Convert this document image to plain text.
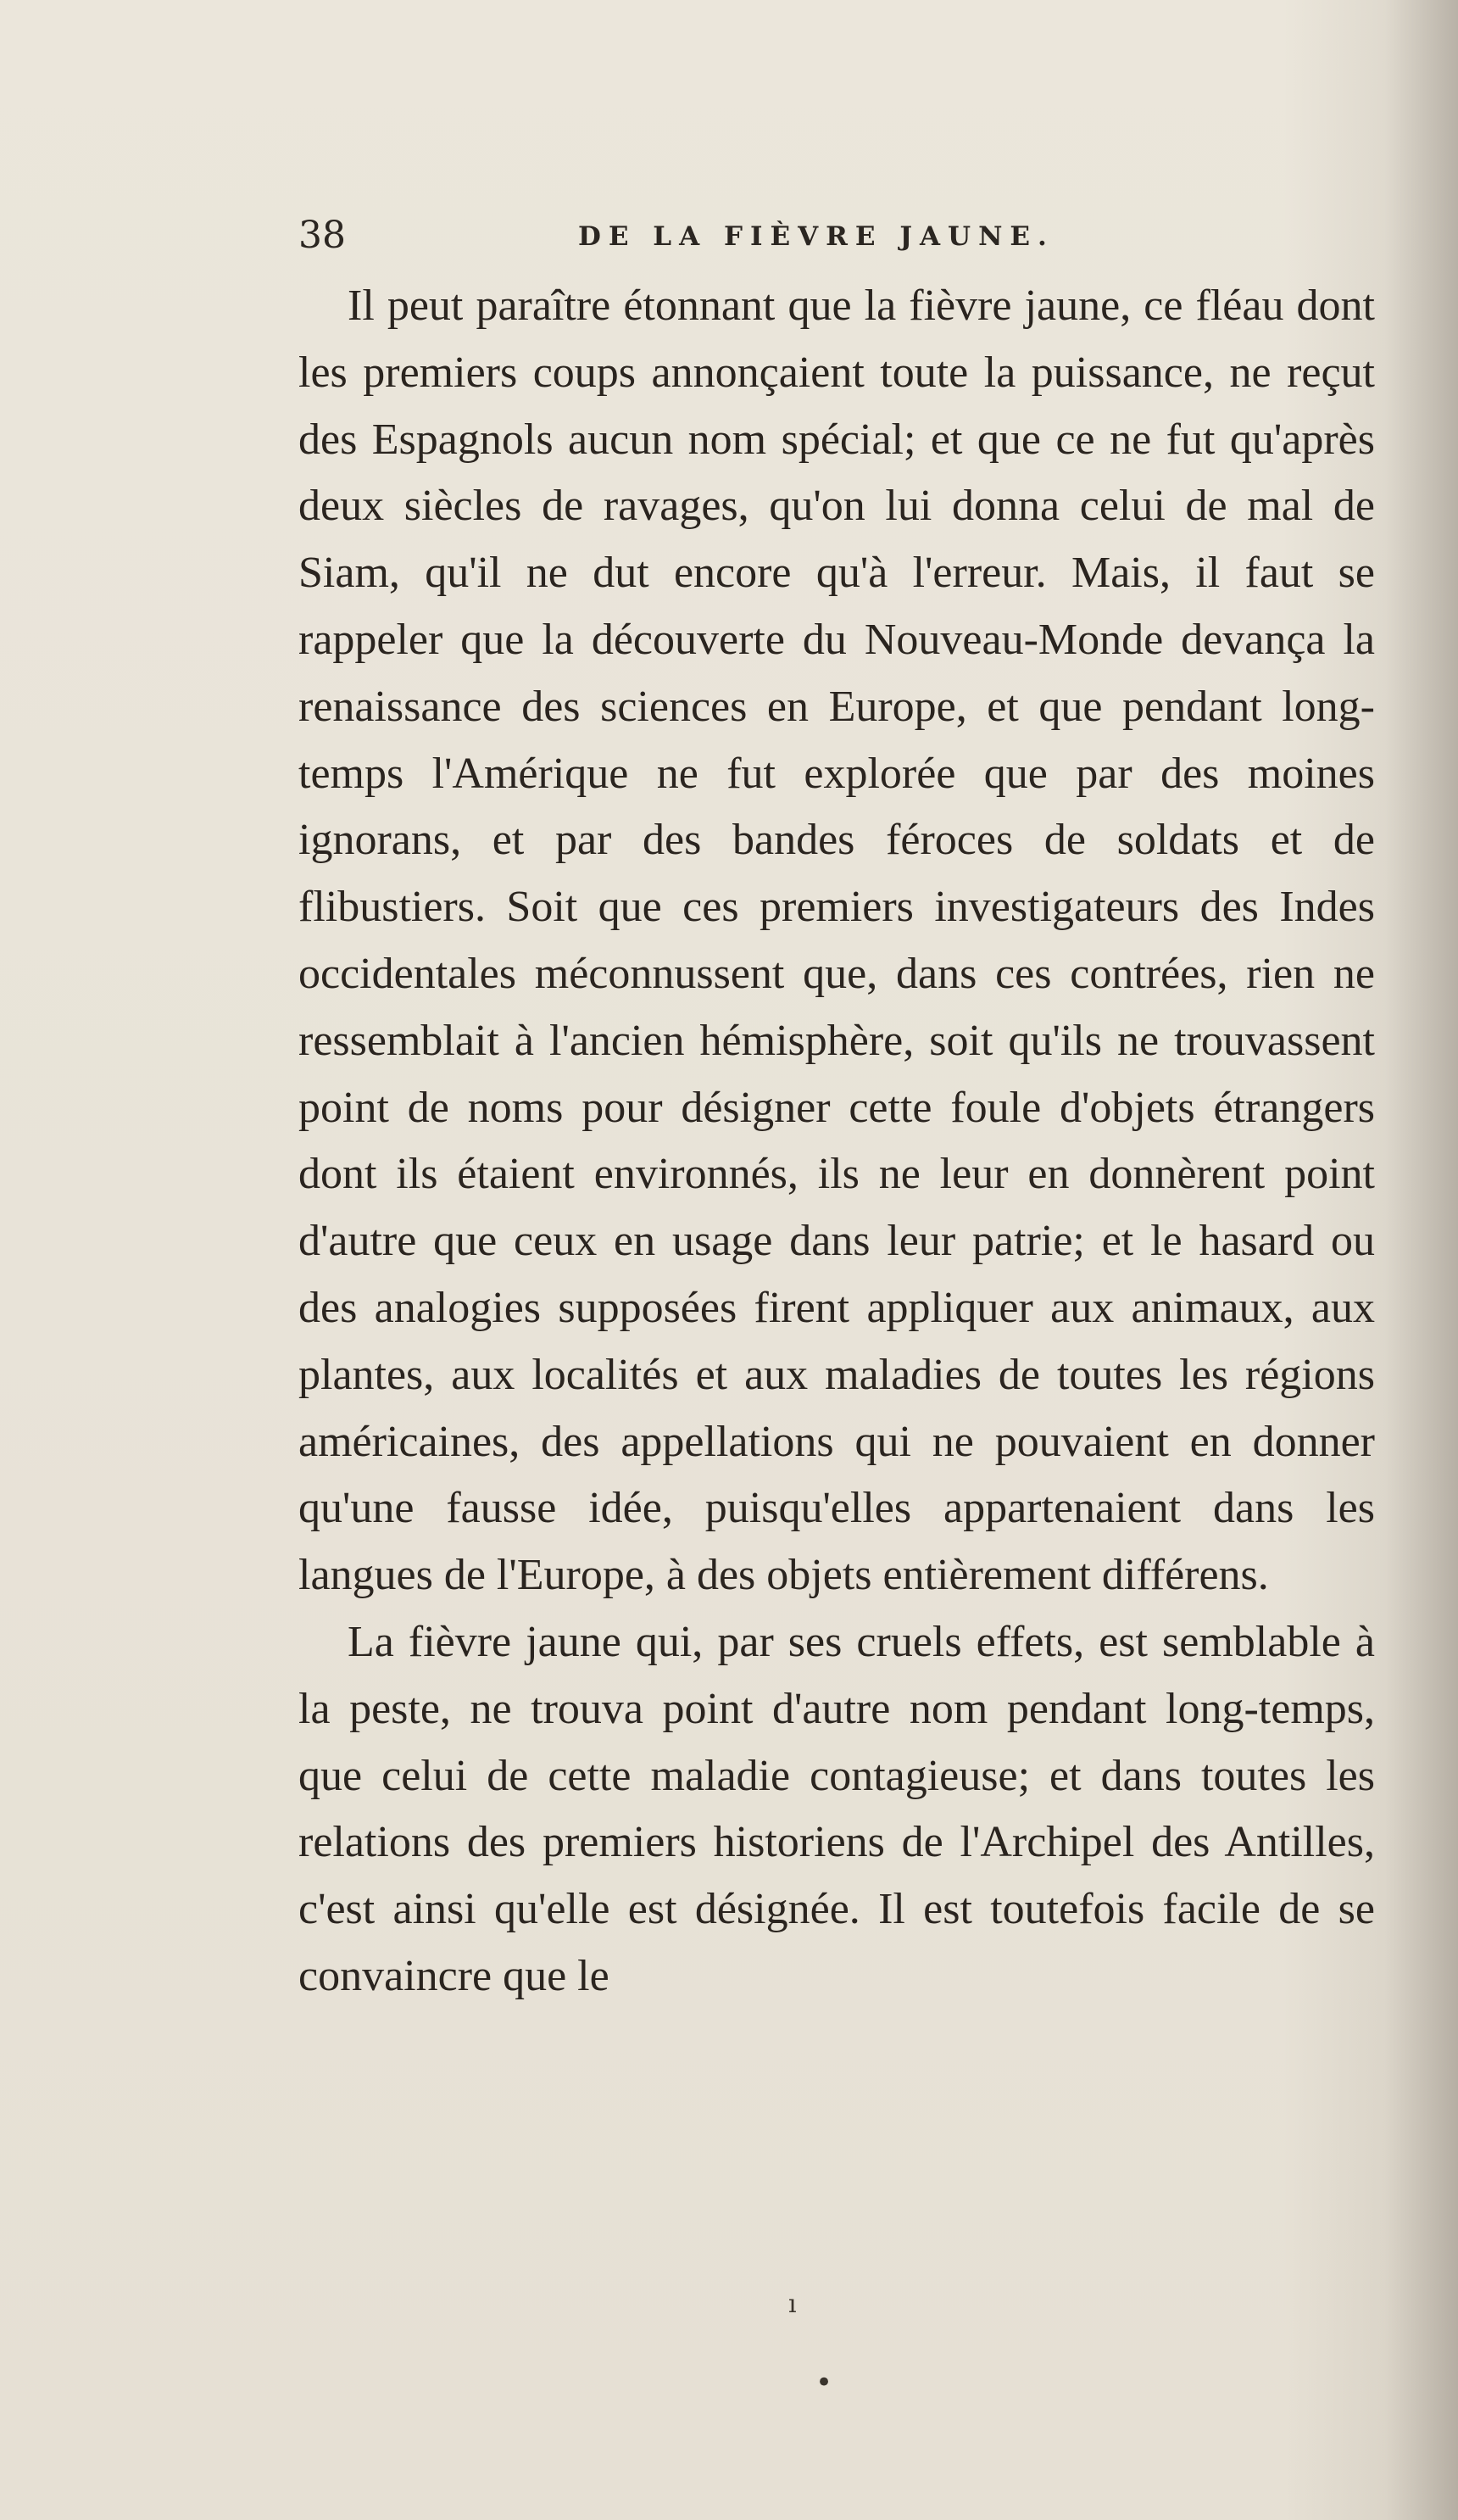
38	DE LA FIÈVRE JAUNE.

Il peut paraître étonnant que la fièvre jaune, ce fléau dont les premiers coups annonçaient toute la puissance, ne reçut des Espagnols aucun nom spécial; et que ce ne fut qu'après deux siècles de ravages, qu'on lui donna celui de mal de Siam, qu'il ne dut encore qu'à l'erreur. Mais, il faut se rappeler que la découverte du Nouveau-Monde devança la renaissance des sciences en Europe, et que pendant long-temps l'Amérique ne fut explorée que par des moines ignorans, et par des bandes féroces de soldats et de flibustiers. Soit que ces premiers investigateurs des Indes occidentales méconnussent que, dans ces contrées, rien ne ressemblait à l'ancien hémisphère, soit qu'ils ne trouvassent point de noms pour désigner cette foule d'objets étrangers dont ils étaient environnés, ils ne leur en donnèrent point d'autre que ceux en usage dans leur patrie; et le hasard ou des analogies supposées firent appliquer aux animaux, aux plantes, aux localités et aux maladies de toutes les régions américaines, des appellations qui ne pouvaient en donner qu'une fausse idée, puisqu'elles appartenaient dans les langues de l'Europe, à des objets entièrement différens.

La fièvre jaune qui, par ses cruels effets, est semblable à la peste, ne trouva point d'autre nom pendant long-temps, que celui de cette maladie contagieuse; et dans toutes les relations des premiers historiens de l'Archipel des Antilles, c'est ainsi qu'elle est désignée. Il est toutefois facile de se convaincre que le

ı
•
